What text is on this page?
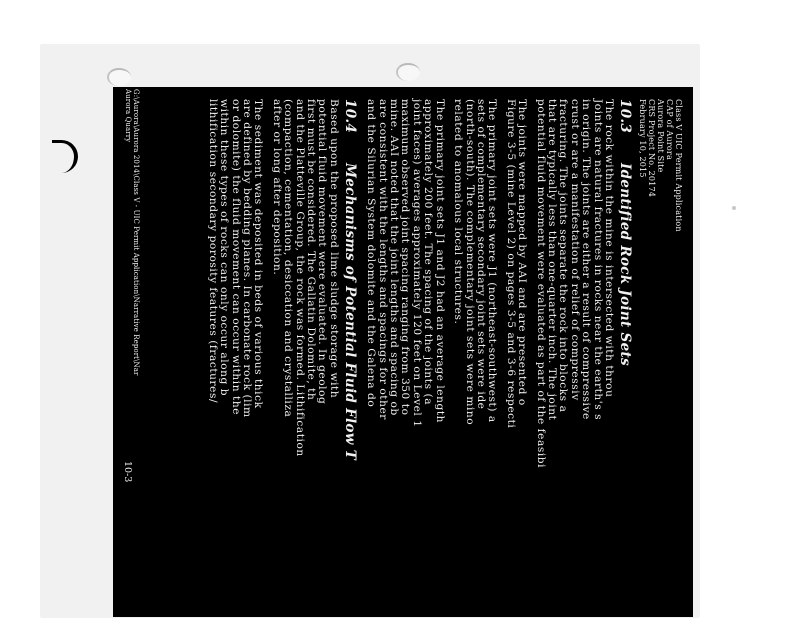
Class V UIC Permit Application
CAP of Aurora
Aurora Point Site
CRS Project No. 20174
February 10, 2015
10.3Identified Rock Joint Sets
The rock within the mine is intersected with throu
Joints are natural fractures in rocks near the earth's s
in origin. The joints are either a result of compressive
crust or are a manifestation of relief of compressiv
fracturing. The joints separate the rock into blocks a
that are typically less than one-quarter inch. The joint
potential fluid movement were evaluated as part of the feasibi
The joints were mapped by AAI and are presented o
Figure 3-5 (mine Level 2) on pages 3-5 and 3-6 respecti
The primary joint sets were J1 (northeast-southwest) a
sets of complementary secondary joint sets were ide
(north-south). The complementary joint sets were mino
related to anomalous local structures.
The primary joint sets J1 and J2 had an average length
approximately 200 feet. The spacing of the joints (a
joint faces) averages approximately 120 feet on Level 1
maximum observed joint spacing ranging from 350 to
mine. AAI noted that the joint lengths and spacing ob
are consistent with the lengths and spacings for other
and the Silurian System dolomite and the Galena do
10.4Mechanisms of Potential Fluid Flow T
Based upon the proposed lime sludge storage with
potential fluid movement were evaluated. In geolog
first must be considered. The Gallatin Dolomite, th
and the Platteville Group, the rock was formed. Lithification
(compaction, cementation, desiccation and crystalliza
after or long after deposition.
The sediment was deposited in beds of various thick
are defined by bedding planes. In carbonate rock (lim
or dolomite) the fluid movement can occur within the
within these types of rocks can only occur along b
lithification secondary porosity features (fractures/
G:\Aurora\Aurora 2014\Class V - UIC Permit Application\Narrative Report\Nar
Aurora Quarry
10-3
